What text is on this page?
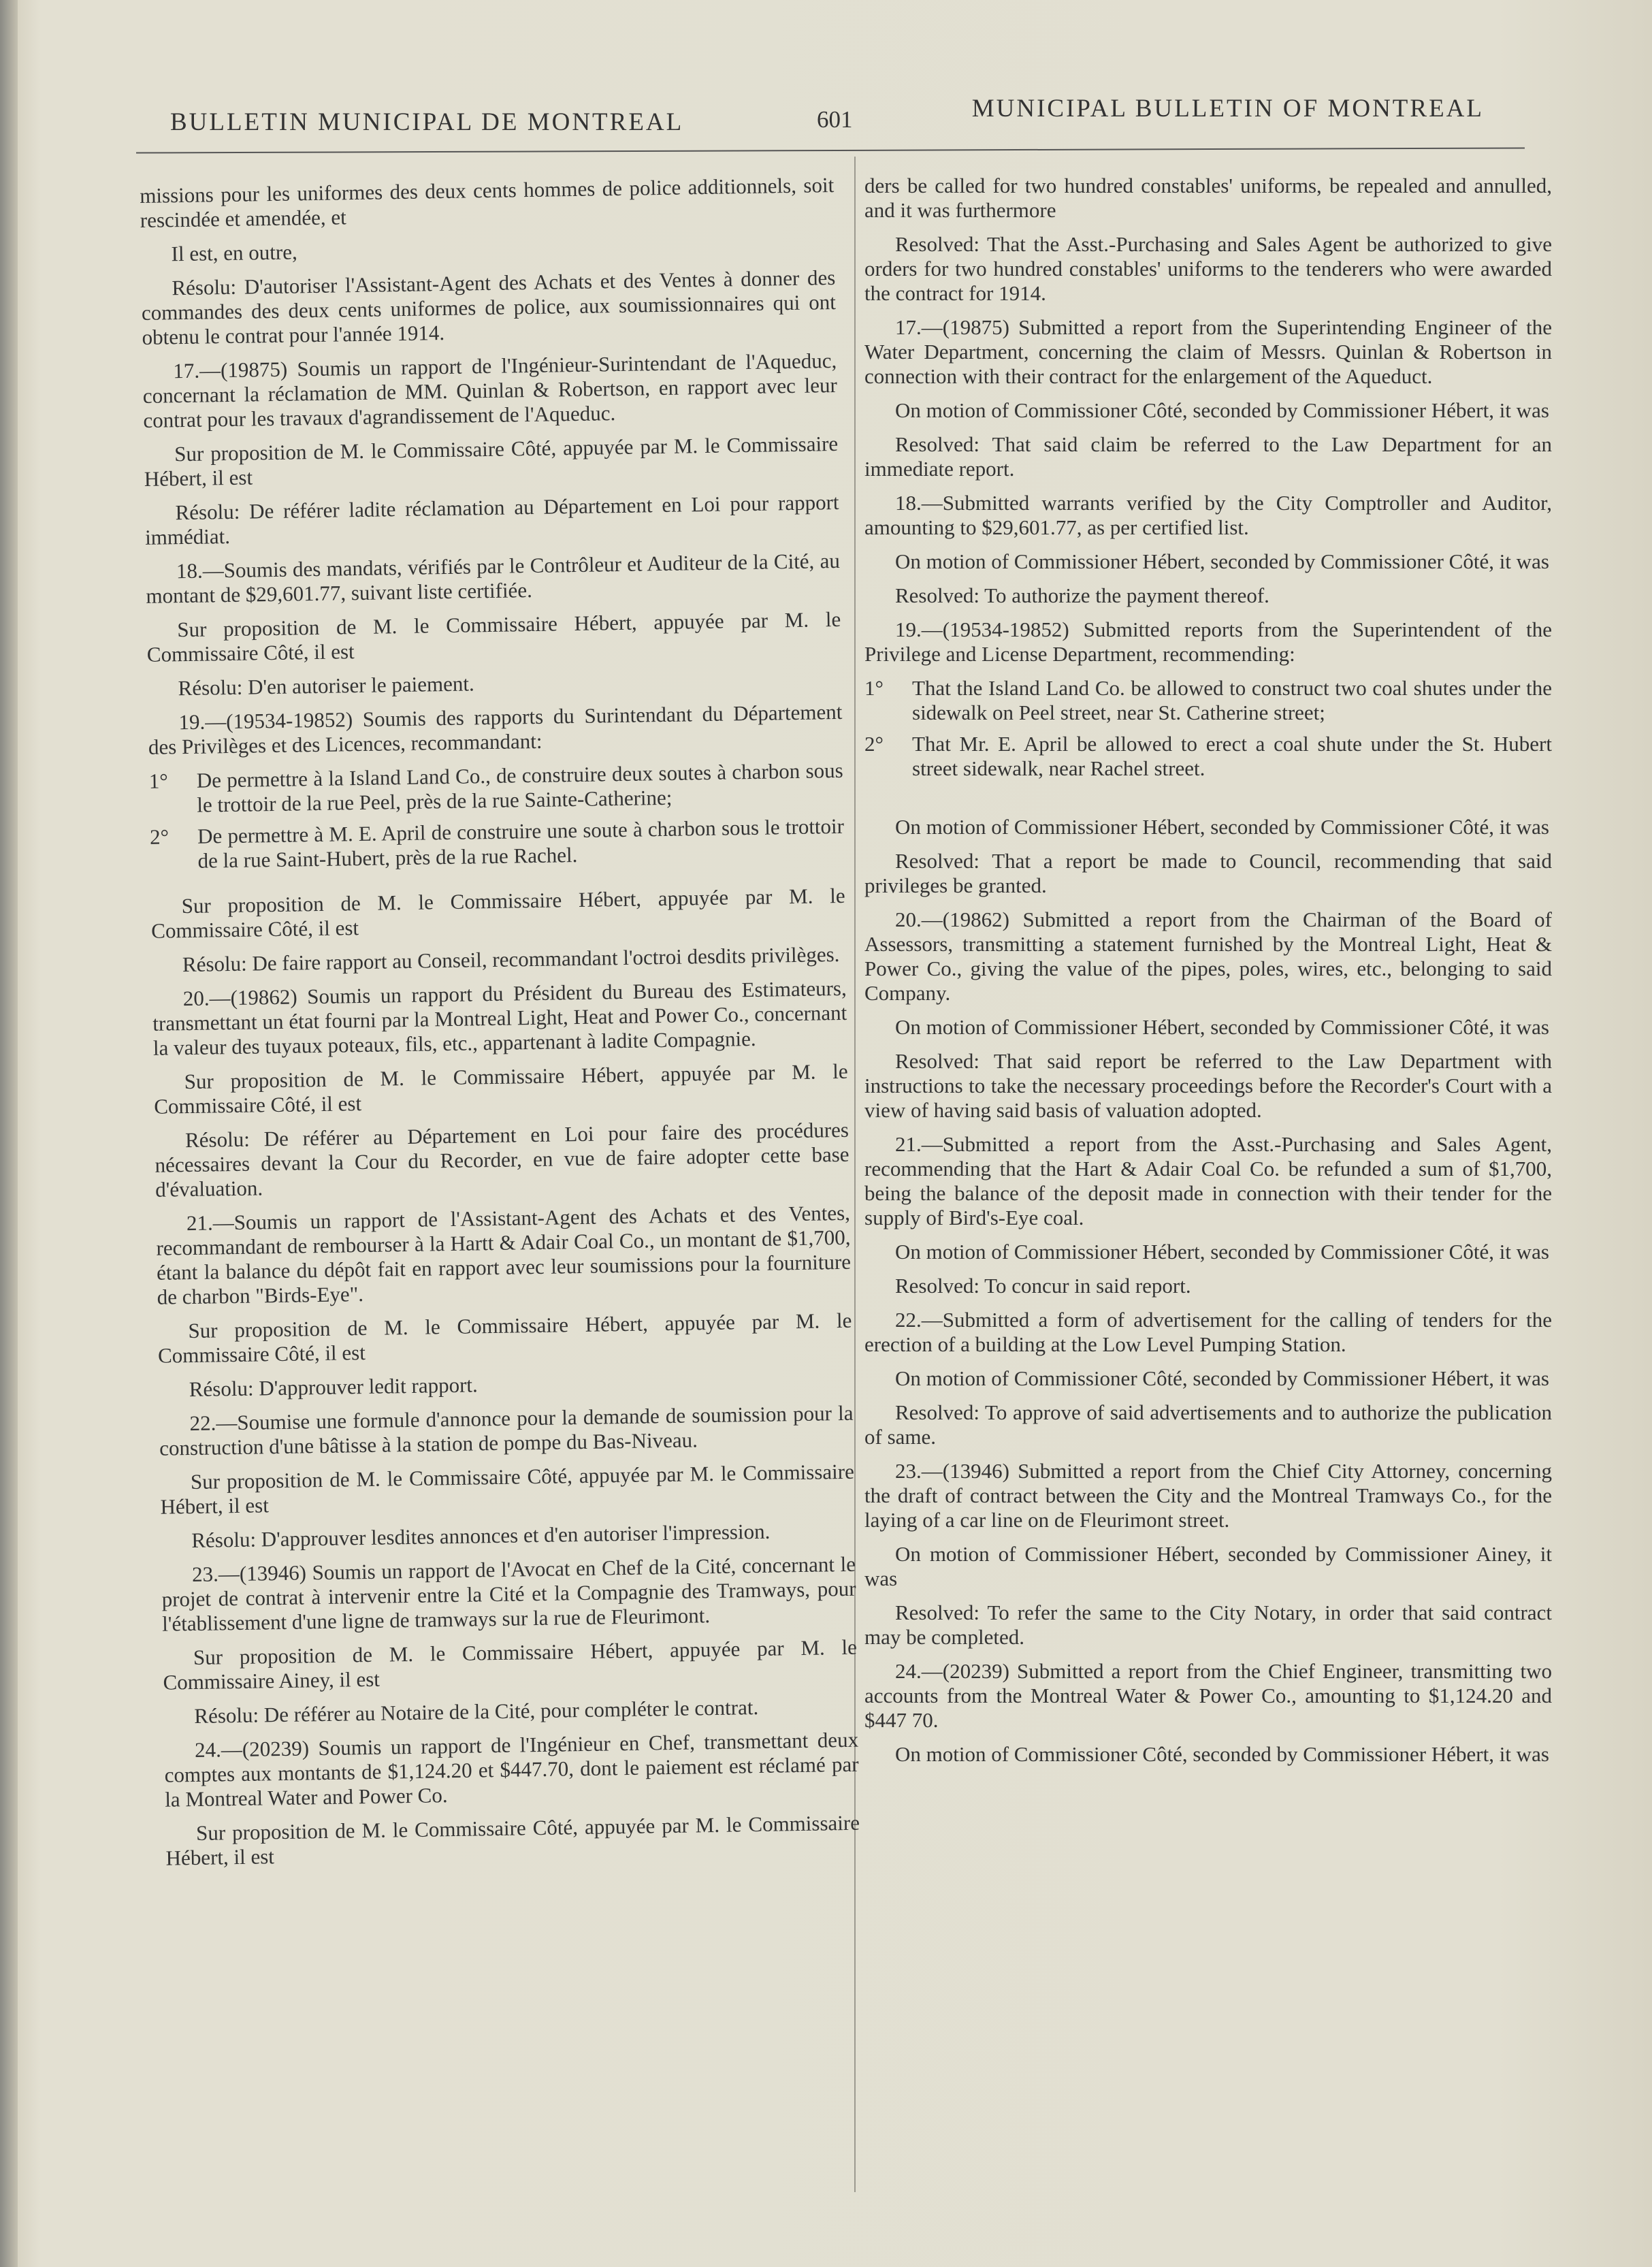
BULLETIN MUNICIPAL DE MONTREAL	601	MUNICIPAL BULLETIN OF MONTREAL

missions pour les uniformes des deux cents hommes de police additionnels, soit rescindée et amendée, et

Il est, en outre,

Résolu: D'autoriser l'Assistant-Agent des Achats et des Ventes à donner des commandes des deux cents uniformes de police, aux soumissionnaires qui ont obtenu le contrat pour l'année 1914.

17.—(19875) Soumis un rapport de l'Ingénieur-Surintendant de l'Aqueduc, concernant la réclamation de MM. Quinlan & Robertson, en rapport avec leur contrat pour les travaux d'agrandissement de l'Aqueduc.

Sur proposition de M. le Commissaire Côté, appuyée par M. le Commissaire Hébert, il est

Résolu: De référer ladite réclamation au Département en Loi pour rapport immédiat.

18.—Soumis des mandats, vérifiés par le Contrôleur et Auditeur de la Cité, au montant de $29,601.77, suivant liste certifiée.

Sur proposition de M. le Commissaire Hébert, appuyée par M. le Commissaire Côté, il est

Résolu: D'en autoriser le paiement.

19.—(19534-19852) Soumis des rapports du Surintendant du Département des Privilèges et des Licences, recommandant:

1°	De permettre à la Island Land Co., de construire deux soutes à charbon sous le trottoir de la rue Peel, près de la rue Sainte-Catherine;
2°	De permettre à M. E. April de construire une soute à charbon sous le trottoir de la rue Saint-Hubert, près de la rue Rachel.

Sur proposition de M. le Commissaire Hébert, appuyée par M. le Commissaire Côté, il est

Résolu: De faire rapport au Conseil, recommandant l'octroi desdits privilèges.

20.—(19862) Soumis un rapport du Président du Bureau des Estimateurs, transmettant un état fourni par la Montreal Light, Heat and Power Co., concernant la valeur des tuyaux poteaux, fils, etc., appartenant à ladite Compagnie.

Sur proposition de M. le Commissaire Hébert, appuyée par M. le Commissaire Côté, il est

Résolu: De référer au Département en Loi pour faire des procédures nécessaires devant la Cour du Recorder, en vue de faire adopter cette base d'évaluation.

21.—Soumis un rapport de l'Assistant-Agent des Achats et des Ventes, recommandant de rembourser à la Hartt & Adair Coal Co., un montant de $1,700, étant la balance du dépôt fait en rapport avec leur soumissions pour la fourniture de charbon "Birds-Eye".

Sur proposition de M. le Commissaire Hébert, appuyée par M. le Commissaire Côté, il est

Résolu: D'approuver ledit rapport.

22.—Soumise une formule d'annonce pour la demande de soumission pour la construction d'une bâtisse à la station de pompe du Bas-Niveau.

Sur proposition de M. le Commissaire Côté, appuyée par M. le Commissaire Hébert, il est

Résolu: D'approuver lesdites annonces et d'en autoriser l'impression.

23.—(13946) Soumis un rapport de l'Avocat en Chef de la Cité, concernant le projet de contrat à intervenir entre la Cité et la Compagnie des Tramways, pour l'établissement d'une ligne de tramways sur la rue de Fleurimont.

Sur proposition de M. le Commissaire Hébert, appuyée par M. le Commissaire Ainey, il est

Résolu: De référer au Notaire de la Cité, pour compléter le contrat.

24.—(20239) Soumis un rapport de l'Ingénieur en Chef, transmettant deux comptes aux montants de $1,124.20 et $447.70, dont le paiement est réclamé par la Montreal Water and Power Co.

Sur proposition de M. le Commissaire Côté, appuyée par M. le Commissaire Hébert, il est

ders be called for two hundred constables' uniforms, be repealed and annulled, and it was furthermore

Resolved: That the Asst.-Purchasing and Sales Agent be authorized to give orders for two hundred constables' uniforms to the tenderers who were awarded the contract for 1914.

17.—(19875) Submitted a report from the Superintending Engineer of the Water Department, concerning the claim of Messrs. Quinlan & Robertson in connection with their contract for the enlargement of the Aqueduct.

On motion of Commissioner Côté, seconded by Commissioner Hébert, it was

Resolved: That said claim be referred to the Law Department for an immediate report.

18.—Submitted warrants verified by the City Comptroller and Auditor, amounting to $29,601.77, as per certified list.

On motion of Commissioner Hébert, seconded by Commissioner Côté, it was

Resolved: To authorize the payment thereof.

19.—(19534-19852) Submitted reports from the Superintendent of the Privilege and License Department, recommending:

1°	That the Island Land Co. be allowed to construct two coal shutes under the sidewalk on Peel street, near St. Catherine street;
2°	That Mr. E. April be allowed to erect a coal shute under the St. Hubert street sidewalk, near Rachel street.

On motion of Commissioner Hébert, seconded by Commissioner Côté, it was

Resolved: That a report be made to Council, recommending that said privileges be granted.

20.—(19862) Submitted a report from the Chairman of the Board of Assessors, transmitting a statement furnished by the Montreal Light, Heat & Power Co., giving the value of the pipes, poles, wires, etc., belonging to said Company.

On motion of Commissioner Hébert, seconded by Commissioner Côté, it was

Resolved: That said report be referred to the Law Department with instructions to take the necessary proceedings before the Recorder's Court with a view of having said basis of valuation adopted.

21.—Submitted a report from the Asst.-Purchasing and Sales Agent, recommending that the Hart & Adair Coal Co. be refunded a sum of $1,700, being the balance of the deposit made in connection with their tender for the supply of Bird's-Eye coal.

On motion of Commissioner Hébert, seconded by Commissioner Côté, it was

Resolved: To concur in said report.

22.—Submitted a form of advertisement for the calling of tenders for the erection of a building at the Low Level Pumping Station.

On motion of Commissioner Côté, seconded by Commissioner Hébert, it was

Resolved: To approve of said advertisements and to authorize the publication of same.

23.—(13946) Submitted a report from the Chief City Attorney, concerning the draft of contract between the City and the Montreal Tramways Co., for the laying of a car line on de Fleurimont street.

On motion of Commissioner Hébert, seconded by Commissioner Ainey, it was

Resolved: To refer the same to the City Notary, in order that said contract may be completed.

24.—(20239) Submitted a report from the Chief Engineer, transmitting two accounts from the Montreal Water & Power Co., amounting to $1,124.20 and $447 70.

On motion of Commissioner Côté, seconded by Commissioner Hébert, it was
